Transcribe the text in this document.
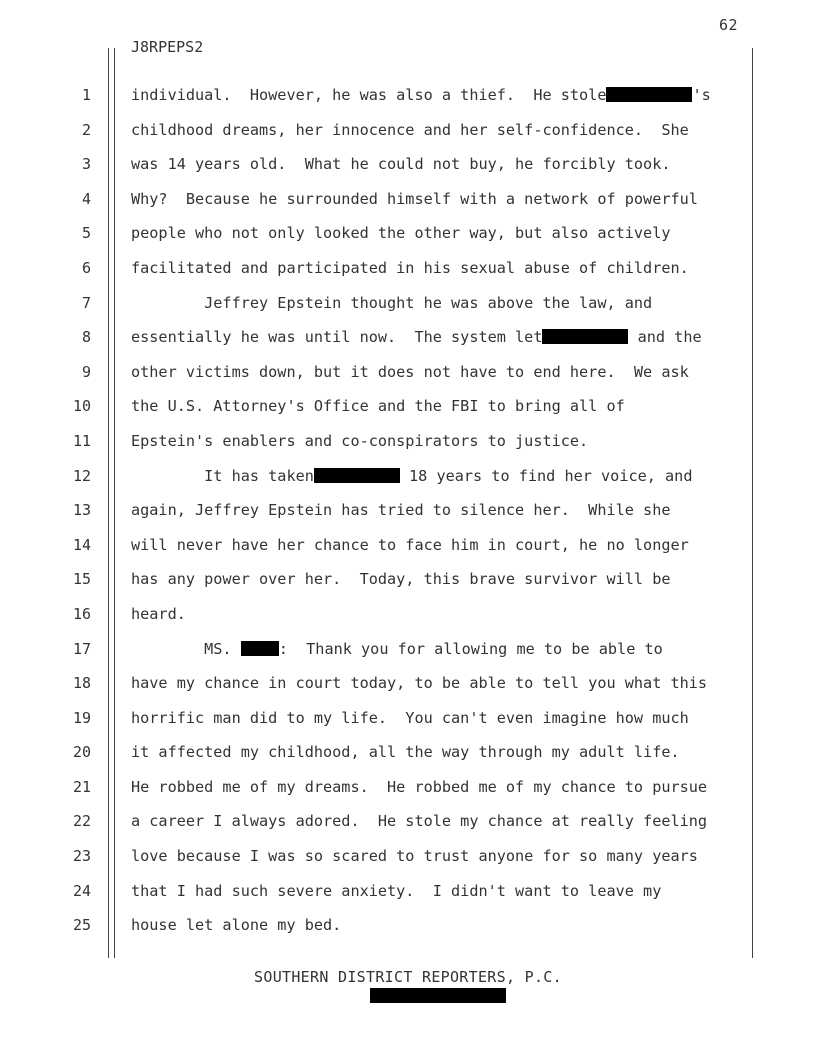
62
J8RPEPS2
1	individual.  However, he was also a thief.  He stole	's
2	childhood dreams, her innocence and her self-confidence.  She
3	was 14 years old.  What he could not buy, he forcibly took.
4	Why?  Because he surrounded himself with a network of powerful
5	people who not only looked the other way, but also actively
6	facilitated and participated in his sexual abuse of children.
7	Jeffrey Epstein thought he was above the law, and
8	essentially he was until now.  The system let	and the
9	other victims down, but it does not have to end here.  We ask
10	the U.S. Attorney's Office and the FBI to bring all of
11	Epstein's enablers and co-conspirators to justice.
12	It has taken	18 years to find her voice, and
13	again, Jeffrey Epstein has tried to silence her.  While she
14	will never have her chance to face him in court, he no longer
15	has any power over her.  Today, this brave survivor will be
16	heard.
17	MS.	:  Thank you for allowing me to be able to
18	have my chance in court today, to be able to tell you what this
19	horrific man did to my life.  You can't even imagine how much
20	it affected my childhood, all the way through my adult life.
21	He robbed me of my dreams.  He robbed me of my chance to pursue
22	a career I always adored.  He stole my chance at really feeling
23	love because I was so scared to trust anyone for so many years
24	that I had such severe anxiety.  I didn't want to leave my
25	house let alone my bed.
SOUTHERN DISTRICT REPORTERS, P.C.
